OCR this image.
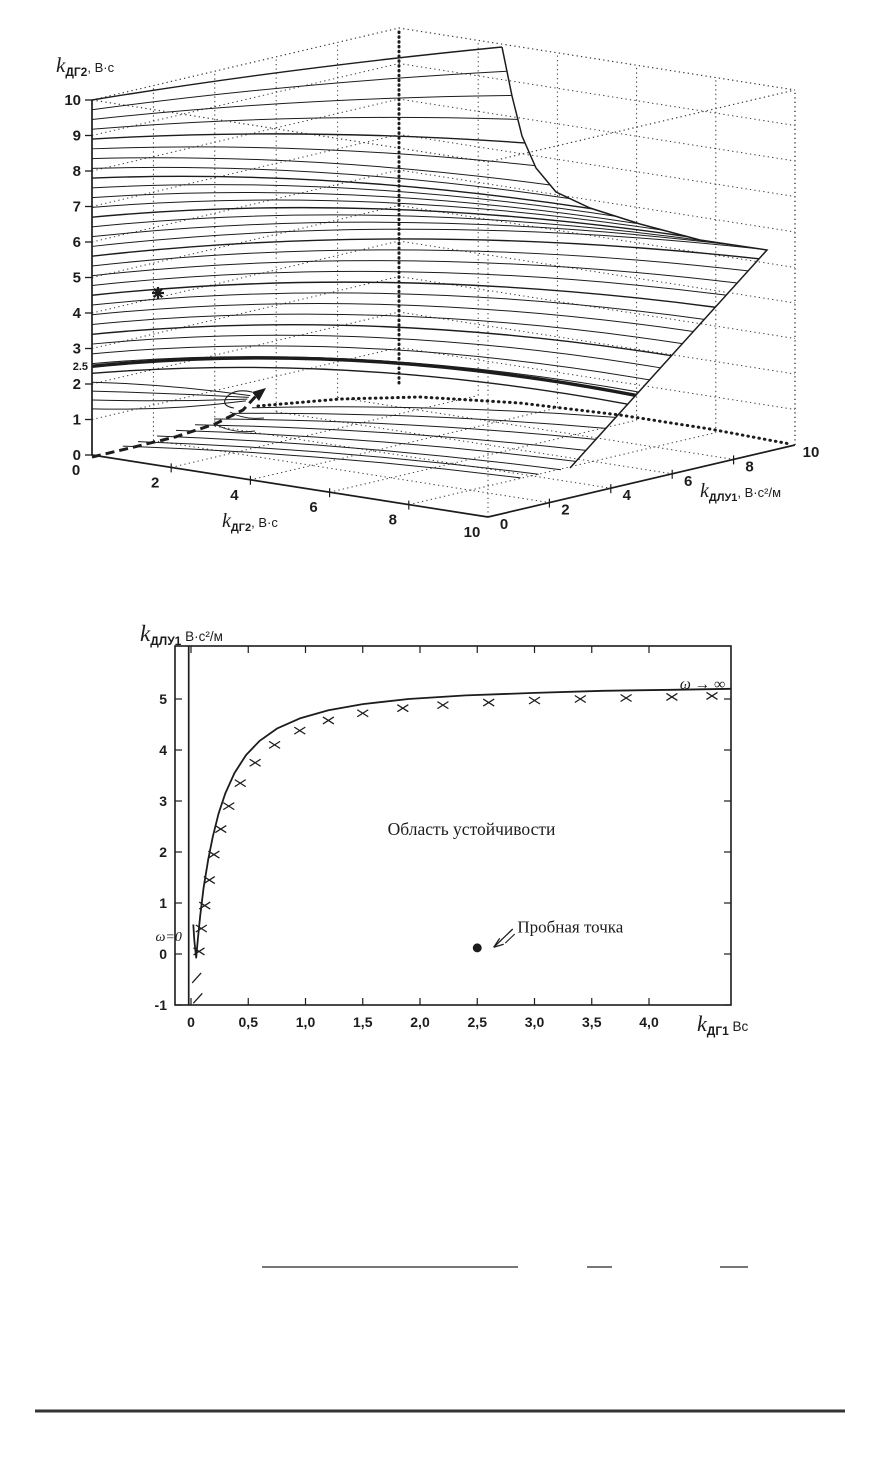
0
1
2
3
4
5
6
7
8
9
10
2.5
$k_{ДГ2}^{, В\cdot с}$
0
2
4
6
8
10
$k_{ДГ2}^{, В\cdot с}$	0
2
4
6
8
10
$k_{ДЛУ1}^{, В\cdot с^2/м}$
0	0,5	1,0	1,5	2,0	2,5	3,0	3,5	4,0
-1
0
1
2
3
4
5
$k_{ДЛУ1}$ $^{В\cdot с^2/м}$
$k_{ДГ1}$ $^{Вс}$
Пробная точка
Область устойчивости
ω=0
ω → ∞
